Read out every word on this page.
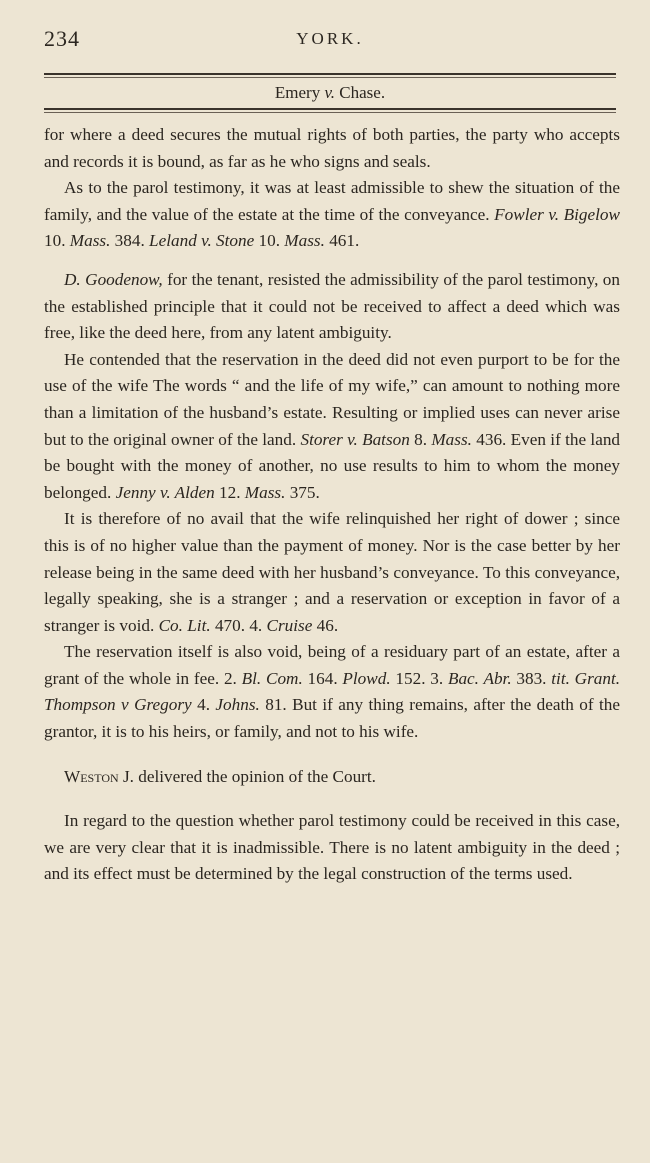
234	YORK.
Emery v. Chase.

for where a deed secures the mutual rights of both parties, the party who accepts and records it is bound, as far as he who signs and seals.

As to the parol testimony, it was at least admissible to shew the situation of the family, and the value of the estate at the time of the conveyance. Fowler v. Bigelow 10. Mass. 384. Leland v. Stone 10. Mass. 461.

D. Goodenow, for the tenant, resisted the admissibility of the parol testimony, on the established principle that it could not be received to affect a deed which was free, like the deed here, from any latent ambiguity.

He contended that the reservation in the deed did not even purport to be for the use of the wife The words “ and the life of my wife,” can amount to nothing more than a limitation of the husband’s estate. Resulting or implied uses can never arise but to the original owner of the land. Storer v. Batson 8. Mass. 436. Even if the land be bought with the money of another, no use results to him to whom the money belonged. Jenny v. Alden 12. Mass. 375.

It is therefore of no avail that the wife relinquished her right of dower ; since this is of no higher value than the payment of money. Nor is the case better by her release being in the same deed with her husband’s conveyance. To this conveyance, legally speaking, she is a stranger ; and a reservation or exception in favor of a stranger is void. Co. Lit. 470. 4. Cruise 46.

The reservation itself is also void, being of a residuary part of an estate, after a grant of the whole in fee. 2. Bl. Com. 164. Plowd. 152. 3. Bac. Abr. 383. tit. Grant. Thompson v Gregory 4. Johns. 81. But if any thing remains, after the death of the grantor, it is to his heirs, or family, and not to his wife.

Weston J. delivered the opinion of the Court.

In regard to the question whether parol testimony could be received in this case, we are very clear that it is inadmissible. There is no latent ambiguity in the deed ; and its effect must be determined by the legal construction of the terms used.
